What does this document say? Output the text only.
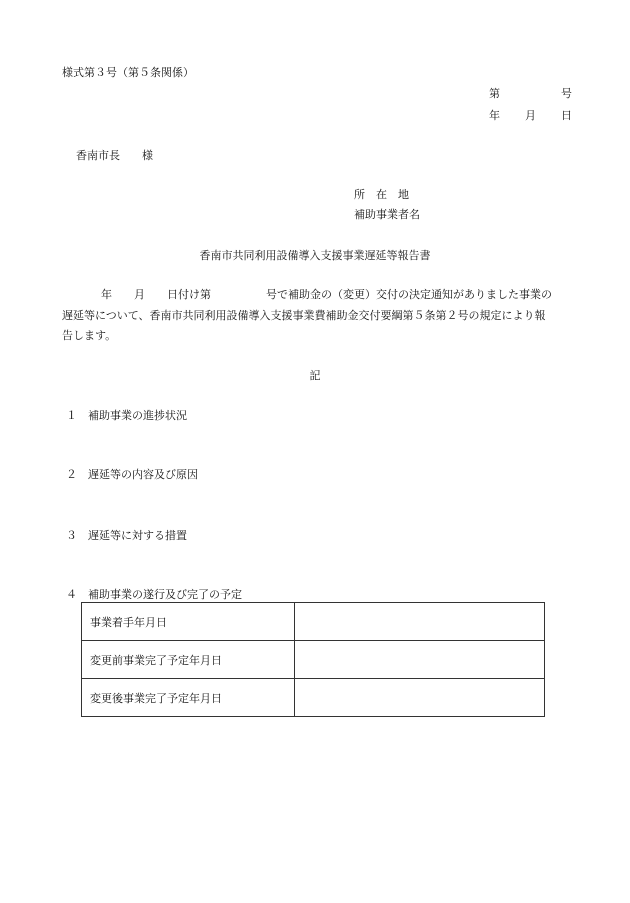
様式第３号（第５条関係）
第	号
年 月 日
香南市長　　様
所　在　地
補助事業者名
香南市共同利用設備導入支援事業遅延等報告書
年　　月　　日付け第　　　　　号で補助金の（変更）交付の決定通知がありました事業の
遅延等について、香南市共同利用設備導入支援事業費補助金交付要綱第５条第２号の規定により報
告します。
記
１　補助事業の進捗状況
２　遅延等の内容及び原因
３　遅延等に対する措置
４　補助事業の遂行及び完了の予定
事業着手年月日	
変更前事業完了予定年月日	
変更後事業完了予定年月日	
